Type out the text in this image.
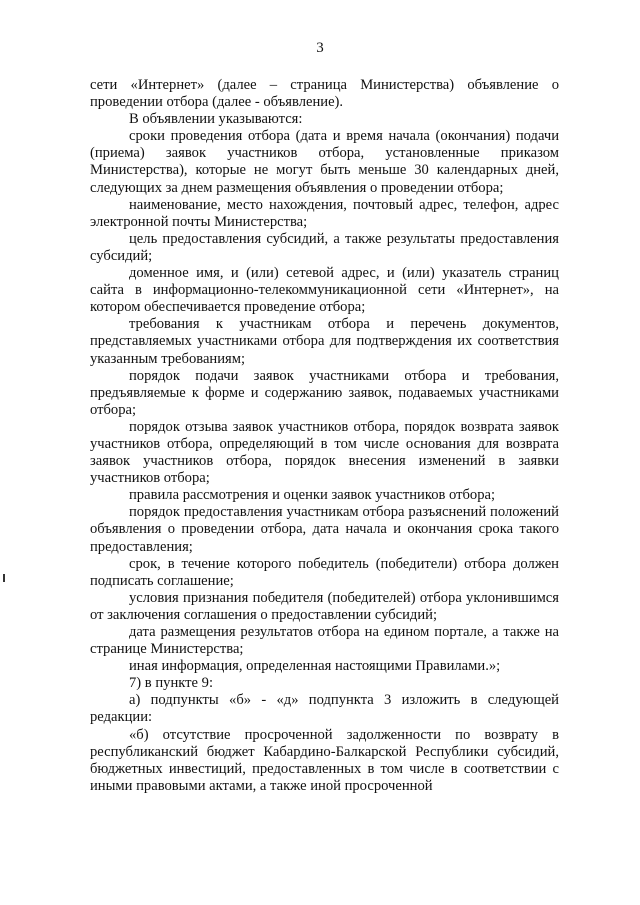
3

сети «Интернет» (далее – страница Министерства) объявление о проведении отбора (далее - объявление).

В объявлении указываются:

сроки проведения отбора (дата и время начала (окончания) подачи (приема) заявок участников отбора, установленные приказом Министерства), которые не могут быть меньше 30 календарных дней, следующих за днем размещения объявления о проведении отбора;

наименование, место нахождения, почтовый адрес, телефон, адрес электронной почты Министерства;

цель предоставления субсидий, а также результаты предоставления субсидий;

доменное имя, и (или) сетевой адрес, и (или) указатель страниц сайта в информационно-телекоммуникационной сети «Интернет», на котором обеспечивается проведение отбора;

требования к участникам отбора и перечень документов, представляемых участниками отбора для подтверждения их соответствия указанным требованиям;

порядок подачи заявок участниками отбора и требования, предъявляемые к форме и содержанию заявок, подаваемых участниками отбора;

порядок отзыва заявок участников отбора, порядок возврата заявок участников отбора, определяющий в том числе основания для возврата заявок участников отбора, порядок внесения изменений в заявки участников отбора;

правила рассмотрения и оценки заявок участников отбора;

порядок предоставления участникам отбора разъяснений положений объявления о проведении отбора, дата начала и окончания срока такого предоставления;

срок, в течение которого победитель (победители) отбора должен подписать соглашение;

условия признания победителя (победителей) отбора уклонившимся от заключения соглашения о предоставлении субсидий;

дата размещения результатов отбора на едином портале, а также на странице Министерства;

иная информация, определенная настоящими Правилами.»;

7) в пункте 9:

а) подпункты «б» - «д» подпункта 3 изложить в следующей редакции:

«б) отсутствие просроченной задолженности по возврату в республиканский бюджет Кабардино-Балкарской Республики субсидий, бюджетных инвестиций, предоставленных в том числе в соответствии с иными правовыми актами, а также иной просроченной
